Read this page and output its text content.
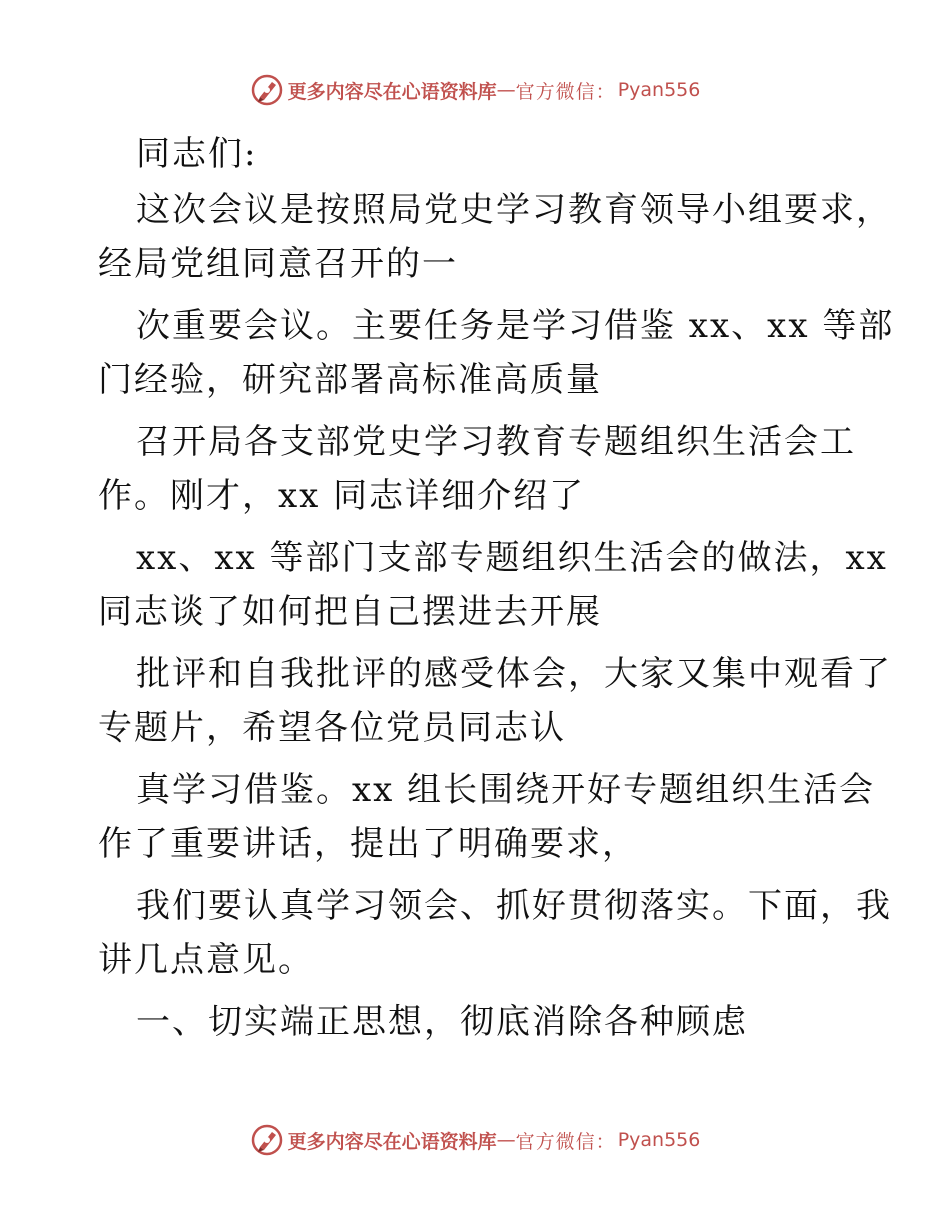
更多内容尽在心语资料库 — 官方微信： Pyan556
同志们:
这次会议是按照局党史学习教育领导小组要求，
经局党组同意召开的一
次重要会议。主要任务是学习借鉴 xx、xx 等部
门经验，研究部署高标准高质量
召开局各支部党史学习教育专题组织生活会工
作。刚才，xx 同志详细介绍了
xx、xx 等部门支部专题组织生活会的做法，xx
同志谈了如何把自己摆进去开展
批评和自我批评的感受体会，大家又集中观看了
专题片，希望各位党员同志认
真学习借鉴。xx 组长围绕开好专题组织生活会
作了重要讲话，提出了明确要求，
我们要认真学习领会、抓好贯彻落实。下面，我
讲几点意见。
一、切实端正思想，彻底消除各种顾虑
更多内容尽在心语资料库 — 官方微信： Pyan556
